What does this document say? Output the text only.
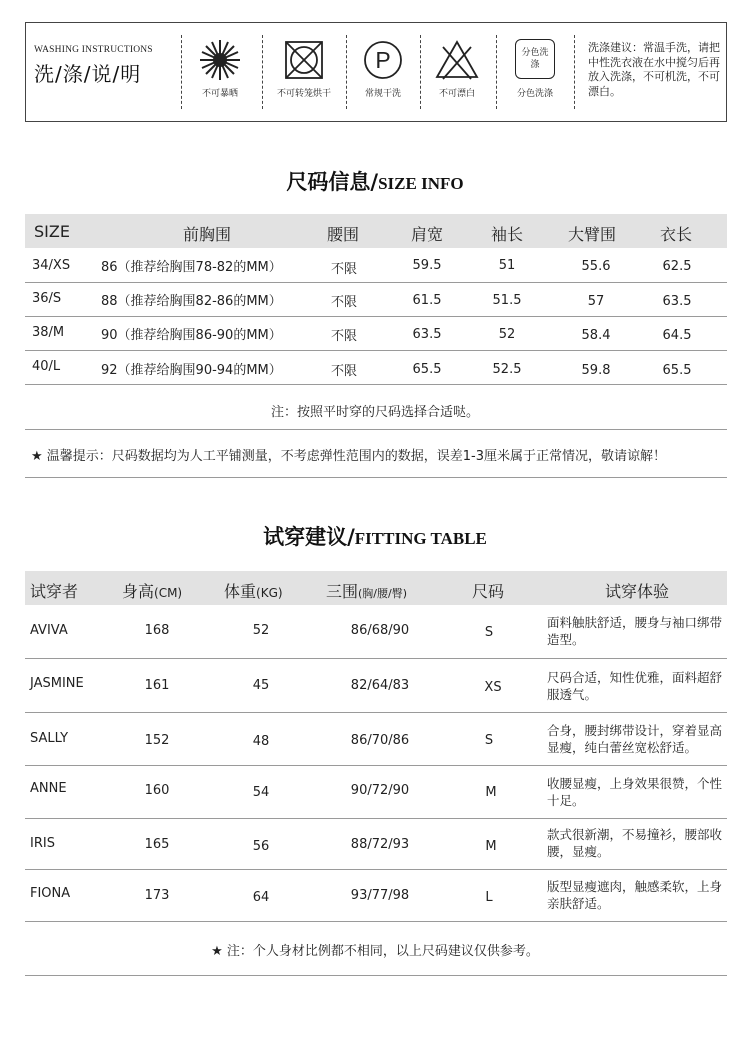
WASHING INSTRUCTIONS
洗/涤/说/明
不可暴晒	不可转笼烘干
P
常规干洗	不可漂白
分色洗涤
分色洗涤
洗涤建议：常温手洗，请把中性洗衣液在水中搅匀后再放入洗涤，不可机洗，不可漂白。
尺码信息/SIZE INFO
SIZE	前胸围	腰围	肩宽	袖长	大臂围	衣长
34/XS 86（推荐给胸围78-82的MM）	不限	59.5	51	55.6	62.5
36/S	88（推荐给胸围82-86的MM）	不限	61.5	51.5	57	63.5
38/M	90（推荐给胸围86-90的MM）	不限	63.5	52	58.4	64.5
40/L	92（推荐给胸围90-94的MM）	不限	65.5	52.5	59.8	65.5
注：按照平时穿的尺码选择合适哒。
★ 温馨提示：尺码数据均为人工平铺测量，不考虑弹性范围内的数据，误差1-3厘米属于正常情况，敬请谅解！
试穿建议/FITTING TABLE
试穿者	身高(CM)	体重(KG)	三围(胸/腰/臀)	尺码	试穿体验
AVIVA	168	52	86/68/90	S
面料触肤舒适，腰身与袖口绑带造型。
JASMINE	161	45	82/64/83	XS
尺码合适，知性优雅，面料超舒服透气。
SALLY	152	48	86/70/86	S
合身，腰封绑带设计，穿着显高显瘦，纯白蕾丝宽松舒适。
ANNE	160	54	90/72/90	M
收腰显瘦，上身效果很赞，个性十足。
IRIS	165	56	88/72/93	M
款式很新潮，不易撞衫，腰部收腰，显瘦。
FIONA	173	64	93/77/98	L
版型显瘦遮肉，触感柔软，上身亲肤舒适。
★ 注：个人身材比例都不相同，以上尺码建议仅供参考。
